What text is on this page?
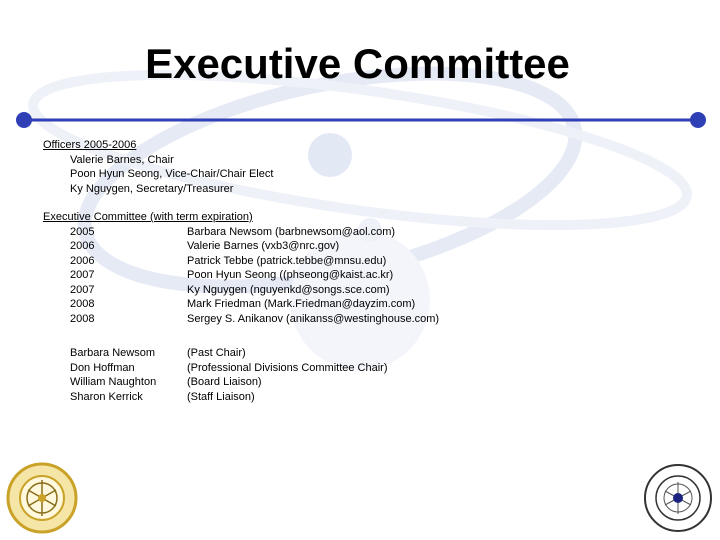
Executive Committee
Officers 2005-2006
Valerie Barnes, Chair
Poon Hyun Seong, Vice-Chair/Chair Elect
Ky Nguygen, Secretary/Treasurer
Executive Committee (with term expiration)
2005	Barbara Newsom (barbnewsom@aol.com)
2006	Valerie Barnes (vxb3@nrc.gov)
2006	Patrick Tebbe (patrick.tebbe@mnsu.edu)
2007	Poon Hyun Seong ((phseong@kaist.ac.kr)
2007	Ky Nguygen (nguyenkd@songs.sce.com)
2008	Mark Friedman (Mark.Friedman@dayzim.com)
2008	Sergey S. Anikanov (anikanss@westinghouse.com)
Barbara Newsom	(Past Chair)
Don Hoffman	(Professional Divisions Committee Chair)
William Naughton	(Board Liaison)
Sharon Kerrick	(Staff Liaison)
